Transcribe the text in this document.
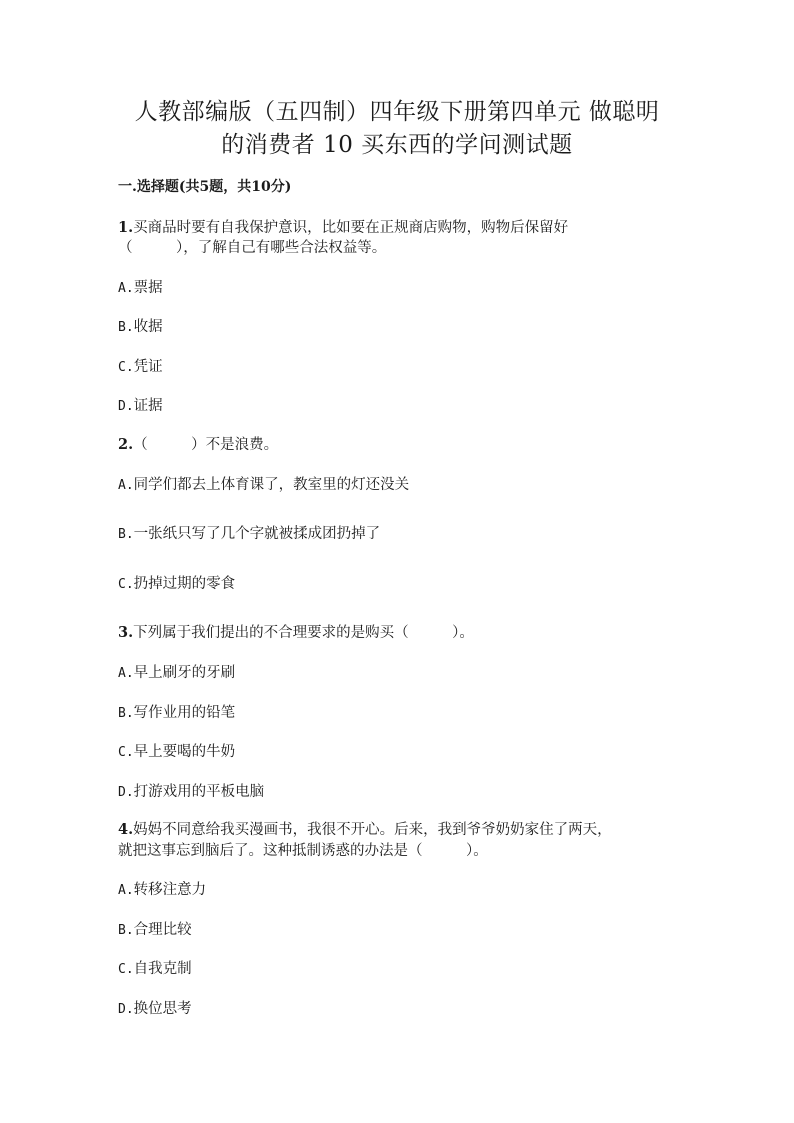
人教部编版（五四制）四年级下册第四单元 做聪明
的消费者 10 买东西的学问测试题

一.选择题(共5题，共10分)

1.买商品时要有自我保护意识，比如要在正规商店购物，购物后保留好

（　　　），了解自己有哪些合法权益等。

A.票据

B.收据

C.凭证

D.证据

2.（　　　）不是浪费。

A.同学们都去上体育课了，教室里的灯还没关

B.一张纸只写了几个字就被揉成团扔掉了

C.扔掉过期的零食

3.下列属于我们提出的不合理要求的是购买（　　　）。

A.早上刷牙的牙刷

B.写作业用的铅笔

C.早上要喝的牛奶

D.打游戏用的平板电脑

4.妈妈不同意给我买漫画书，我很不开心。后来，我到爷爷奶奶家住了两天，

就把这事忘到脑后了。这种抵制诱惑的办法是（　　　）。

A.转移注意力

B.合理比较

C.自我克制

D.换位思考
